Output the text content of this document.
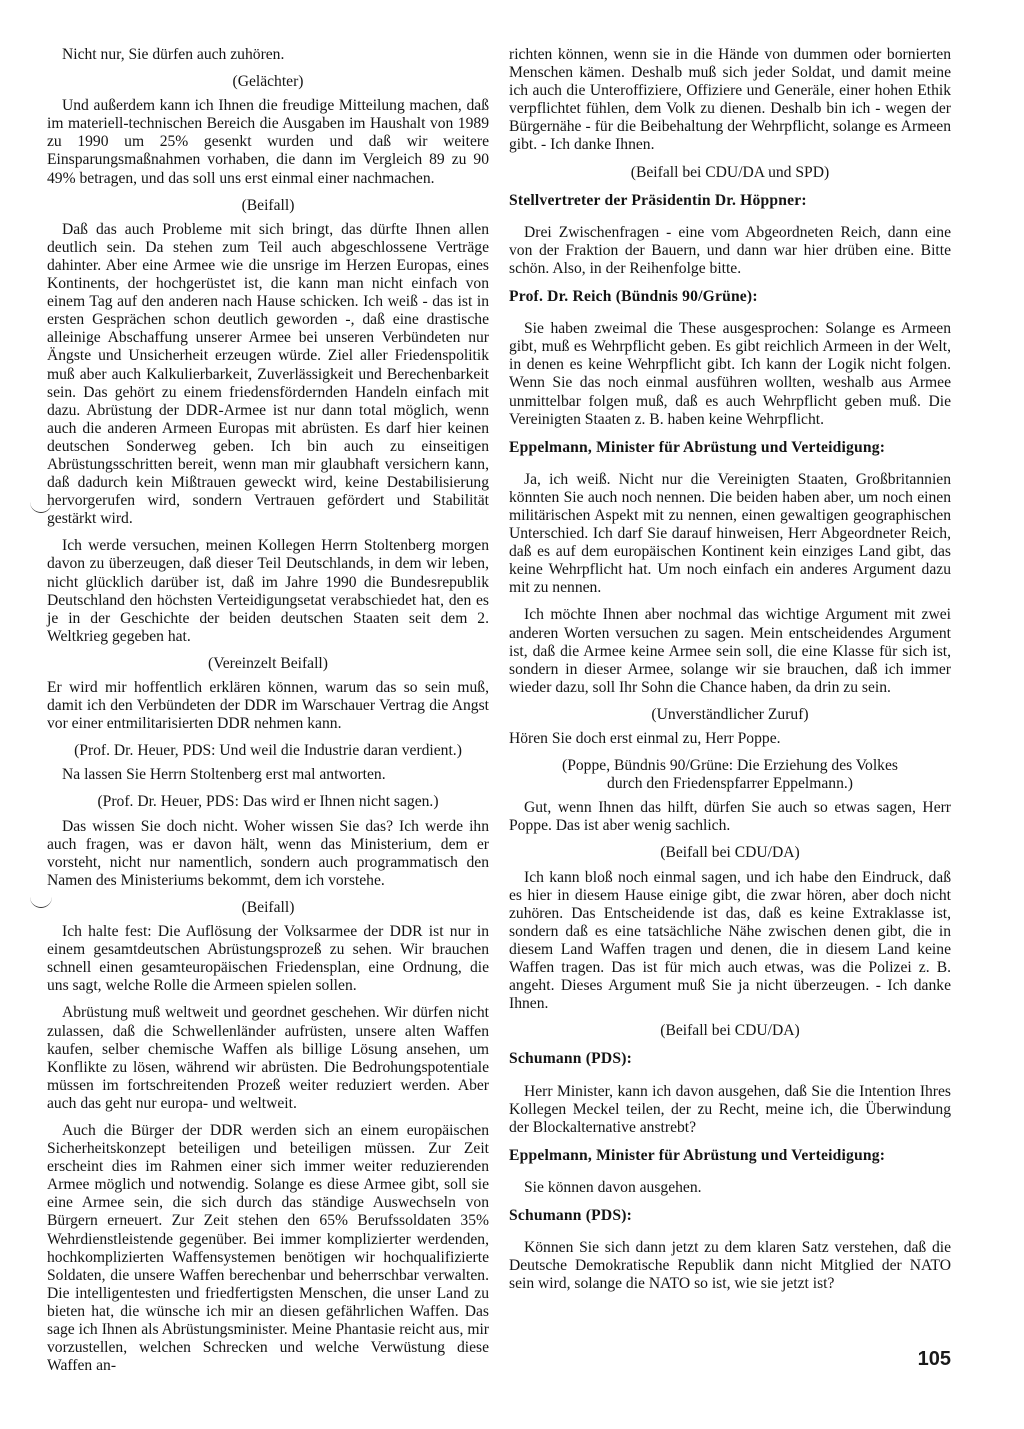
Nicht nur, Sie dürfen auch zuhören.

(Gelächter)

Und außerdem kann ich Ihnen die freudige Mitteilung machen, daß im materiell-technischen Bereich die Ausgaben im Haushalt von 1989 zu 1990 um 25% gesenkt wurden und daß wir weitere Einsparungsmaßnahmen vorhaben, die dann im Vergleich 89 zu 90 49% betragen, und das soll uns erst einmal einer nachmachen.

(Beifall)

Daß das auch Probleme mit sich bringt, das dürfte Ihnen allen deutlich sein. Da stehen zum Teil auch abgeschlossene Verträge dahinter. Aber eine Armee wie die unsrige im Herzen Europas, eines Kontinents, der hochgerüstet ist, die kann man nicht einfach von einem Tag auf den anderen nach Hause schicken. Ich weiß - das ist in ersten Gesprächen schon deutlich geworden -, daß eine drastische alleinige Abschaffung unserer Armee bei unseren Verbündeten nur Ängste und Unsicherheit erzeugen würde. Ziel aller Friedenspolitik muß aber auch Kalkulierbarkeit, Zuverlässigkeit und Berechenbarkeit sein. Das gehört zu einem friedensfördernden Handeln einfach mit dazu. Abrüstung der DDR-Armee ist nur dann total möglich, wenn auch die anderen Armeen Europas mit abrüsten. Es darf hier keinen deutschen Sonderweg geben. Ich bin auch zu einseitigen Abrüstungsschritten bereit, wenn man mir glaubhaft versichern kann, daß dadurch kein Mißtrauen geweckt wird, keine Destabilisierung hervorgerufen wird, sondern Vertrauen gefördert und Stabilität gestärkt wird.

Ich werde versuchen, meinen Kollegen Herrn Stoltenberg morgen davon zu überzeugen, daß dieser Teil Deutschlands, in dem wir leben, nicht glücklich darüber ist, daß im Jahre 1990 die Bundesrepublik Deutschland den höchsten Verteidigungsetat verabschiedet hat, den es je in der Geschichte der beiden deutschen Staaten seit dem 2. Weltkrieg gegeben hat.

(Vereinzelt Beifall)

Er wird mir hoffentlich erklären können, warum das so sein muß, damit ich den Verbündeten der DDR im Warschauer Vertrag die Angst vor einer entmilitarisierten DDR nehmen kann.

(Prof. Dr. Heuer, PDS: Und weil die Industrie daran verdient.)

Na lassen Sie Herrn Stoltenberg erst mal antworten.

(Prof. Dr. Heuer, PDS: Das wird er Ihnen nicht sagen.)

Das wissen Sie doch nicht. Woher wissen Sie das? Ich werde ihn auch fragen, was er davon hält, wenn das Ministerium, dem er vorsteht, nicht nur namentlich, sondern auch programmatisch den Namen des Ministeriums bekommt, dem ich vorstehe.

(Beifall)

Ich halte fest: Die Auflösung der Volksarmee der DDR ist nur in einem gesamtdeutschen Abrüstungsprozeß zu sehen. Wir brauchen schnell einen gesamteuropäischen Friedensplan, eine Ordnung, die uns sagt, welche Rolle die Armeen spielen sollen.

Abrüstung muß weltweit und geordnet geschehen. Wir dürfen nicht zulassen, daß die Schwellenländer aufrüsten, unsere alten Waffen kaufen, selber chemische Waffen als billige Lösung ansehen, um Konflikte zu lösen, während wir abrüsten. Die Bedrohungspotentiale müssen im fortschreitenden Prozeß weiter reduziert werden. Aber auch das geht nur europa- und weltweit.

Auch die Bürger der DDR werden sich an einem europäischen Sicherheitskonzept beteiligen und beteiligen müssen. Zur Zeit erscheint dies im Rahmen einer sich immer weiter reduzierenden Armee möglich und notwendig. Solange es diese Armee gibt, soll sie eine Armee sein, die sich durch das ständige Auswechseln von Bürgern erneuert. Zur Zeit stehen den 65% Berufssoldaten 35% Wehrdienstleistende gegenüber. Bei immer komplizierter werdenden, hochkomplizierten Waffensystemen benötigen wir hochqualifizierte Soldaten, die unsere Waffen berechenbar und beherrschbar verwalten. Die intelligentesten und friedfertigsten Menschen, die unser Land zu bieten hat, die wünsche ich mir an diesen gefährlichen Waffen. Das sage ich Ihnen als Abrüstungsminister. Meine Phantasie reicht aus, mir vorzustellen, welchen Schrecken und welche Verwüstung diese Waffen an-

richten können, wenn sie in die Hände von dummen oder bornierten Menschen kämen. Deshalb muß sich jeder Soldat, und damit meine ich auch die Unteroffiziere, Offiziere und Generäle, einer hohen Ethik verpflichtet fühlen, dem Volk zu dienen. Deshalb bin ich - wegen der Bürgernähe - für die Beibehaltung der Wehrpflicht, solange es Armeen gibt. - Ich danke Ihnen.

(Beifall bei CDU/DA und SPD)

Stellvertreter der Präsidentin Dr. Höppner:

Drei Zwischenfragen - eine vom Abgeordneten Reich, dann eine von der Fraktion der Bauern, und dann war hier drüben eine. Bitte schön. Also, in der Reihenfolge bitte.

Prof. Dr. Reich (Bündnis 90/Grüne):

Sie haben zweimal die These ausgesprochen: Solange es Armeen gibt, muß es Wehrpflicht geben. Es gibt reichlich Armeen in der Welt, in denen es keine Wehrpflicht gibt. Ich kann der Logik nicht folgen. Wenn Sie das noch einmal ausführen wollten, weshalb aus Armee unmittelbar folgen muß, daß es auch Wehrpflicht geben muß. Die Vereinigten Staaten z. B. haben keine Wehrpflicht.

Eppelmann, Minister für Abrüstung und Verteidigung:

Ja, ich weiß. Nicht nur die Vereinigten Staaten, Großbritannien könnten Sie auch noch nennen. Die beiden haben aber, um noch einen militärischen Aspekt mit zu nennen, einen gewaltigen geographischen Unterschied. Ich darf Sie darauf hinweisen, Herr Abgeordneter Reich, daß es auf dem europäischen Kontinent kein einziges Land gibt, das keine Wehrpflicht hat. Um noch einfach ein anderes Argument dazu mit zu nennen.

Ich möchte Ihnen aber nochmal das wichtige Argument mit zwei anderen Worten versuchen zu sagen. Mein entscheidendes Argument ist, daß die Armee keine Armee sein soll, die eine Klasse für sich ist, sondern in dieser Armee, solange wir sie brauchen, daß ich immer wieder dazu, soll Ihr Sohn die Chance haben, da drin zu sein.

(Unverständlicher Zuruf)

Hören Sie doch erst einmal zu, Herr Poppe.

(Poppe, Bündnis 90/Grüne: Die Erziehung des Volkes

durch den Friedenspfarrer Eppelmann.)

Gut, wenn Ihnen das hilft, dürfen Sie auch so etwas sagen, Herr Poppe. Das ist aber wenig sachlich.

(Beifall bei CDU/DA)

Ich kann bloß noch einmal sagen, und ich habe den Eindruck, daß es hier in diesem Hause einige gibt, die zwar hören, aber doch nicht zuhören. Das Entscheidende ist das, daß es keine Extraklasse ist, sondern daß es eine tatsächliche Nähe zwischen denen gibt, die in diesem Land Waffen tragen und denen, die in diesem Land keine Waffen tragen. Das ist für mich auch etwas, was die Polizei z. B. angeht. Dieses Argument muß Sie ja nicht überzeugen. - Ich danke Ihnen.

(Beifall bei CDU/DA)

Schumann (PDS):

Herr Minister, kann ich davon ausgehen, daß Sie die Intention Ihres Kollegen Meckel teilen, der zu Recht, meine ich, die Überwindung der Blockalternative anstrebt?

Eppelmann, Minister für Abrüstung und Verteidigung:

Sie können davon ausgehen.

Schumann (PDS):

Können Sie sich dann jetzt zu dem klaren Satz verstehen, daß die Deutsche Demokratische Republik dann nicht Mitglied der NATO sein wird, solange die NATO so ist, wie sie jetzt ist?

105
